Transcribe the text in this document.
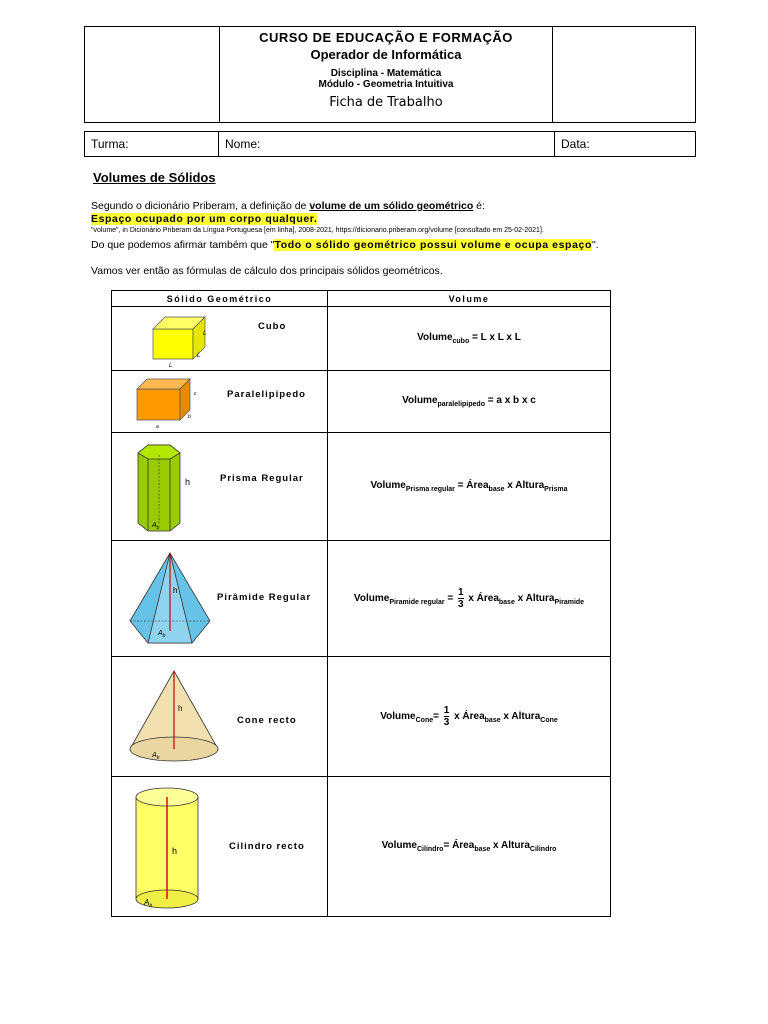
CURSO DE EDUCAÇÃO E FORMAÇÃO
Operador de Informática
Disciplina - Matemática
Módulo - Geometria Intuitiva
Ficha de Trabalho
Turma:	Nome:	Data:
Volumes de Sólidos
Segundo o dicionário Priberam, a definição de volume de um sólido geométrico é:
Espaço ocupado por um corpo qualquer.
"volume", in Dicionário Priberam da Língua Portuguesa [em linha], 2008-2021, https://dicionario.priberam.org/volume [consultado em 25-02-2021].
Do que podemos afirmar também que "Todo o sólido geométrico possui volume e ocupa espaço".
Vamos ver então as fórmulas de cálculo dos principais sólidos geométricos.
Sólido Geométrico	Volume

L
L
L
Cubo	Volume$_{cubo}$ = L x L x L

c
b
a
Paralelipipedo	Volume$_{paralelipipedo}$ = a x b x c

h
$A_b$
Prisma Regular	Volume$_{Prisma regular}$ = Área$_{base}$ x Altura$_{Prisma}$

h
$A_b$
Pirâmide Regular	Volume$_{Piramide regular}$ = $\frac{1}{3}$ x Área$_{base}$ x Altura$_{Piramide}$

h
$A_b$
Cone recto	Volume$_{Cone}$= $\frac{1}{3}$ x Área$_{base}$ x Altura$_{Cone}$

h
$A_b$
Cilindro recto	Volume$_{Cilindro}$= Área$_{base}$ x Altura$_{Cilindro}$
